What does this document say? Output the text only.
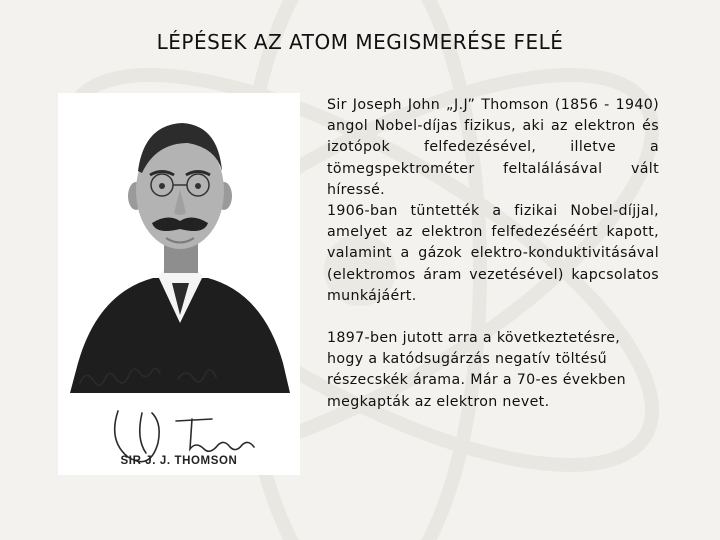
LÉPÉSEK AZ ATOM MEGISMERÉSE FELÉ
SIR J. J. THOMSON

Sir Joseph John „J.J” Thomson (1856 - 1940) angol Nobel-díjas fizikus, aki az elektron és izotópok felfedezésével, illetve a tömegspektrométer feltalálásával vált híressé.

1906-ban tüntették a fizikai Nobel-díjjal, amelyet az elektron felfedezéséért kapott, valamint a gázok elektro-konduktivitásával (elektromos áram vezetésével) kapcsolatos munkájáért.

1897-ben jutott arra a következtetésre, hogy a katódsugárzás negatív töltésű részecskék árama. Már a 70-es években megkapták az elektron nevet.
